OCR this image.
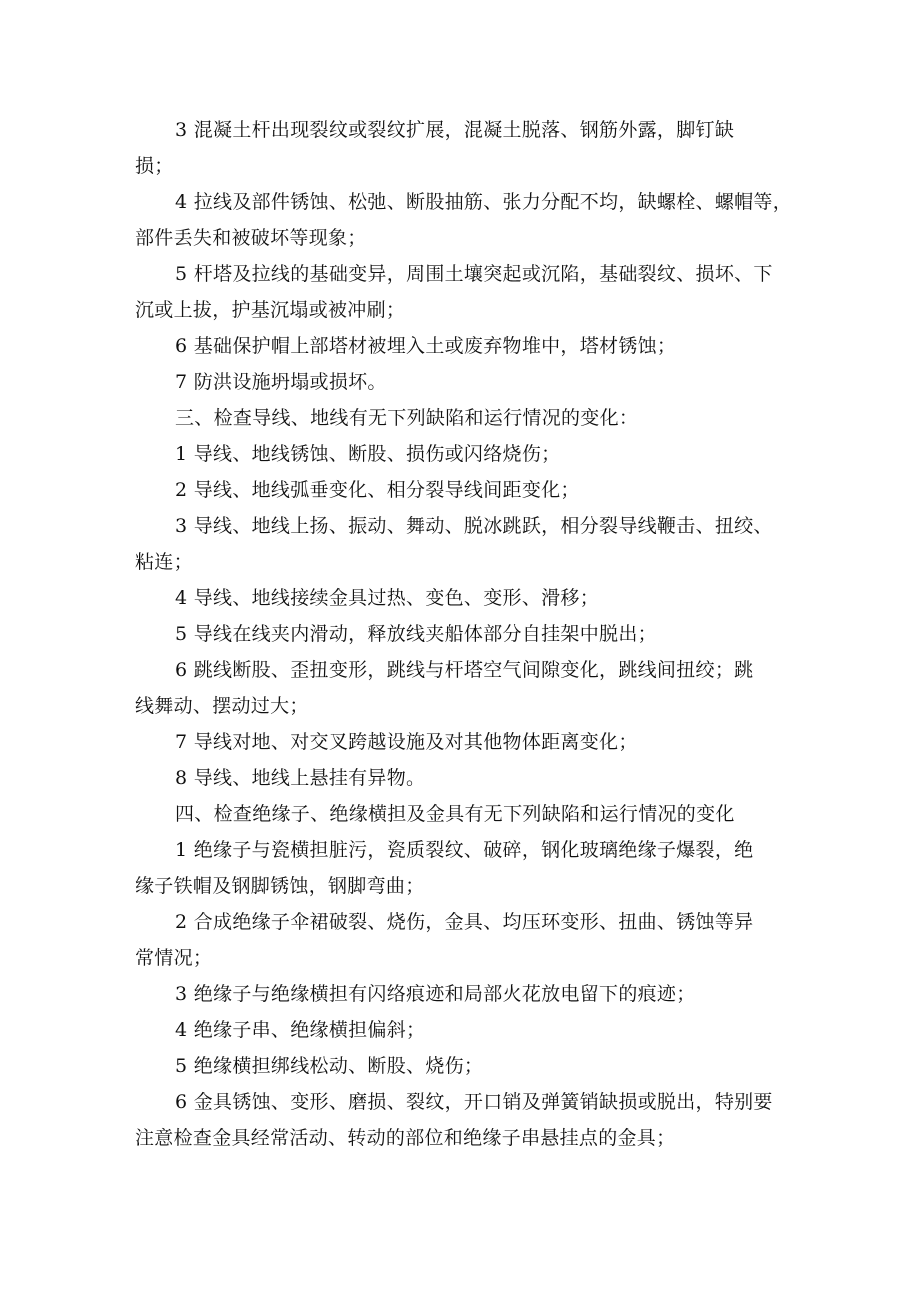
3 混凝土杆出现裂纹或裂纹扩展，混凝土脱落、钢筋外露，脚钉缺
损；

4 拉线及部件锈蚀、松弛、断股抽筋、张力分配不均，缺螺栓、螺帽等，
部件丢失和被破坏等现象；

5 杆塔及拉线的基础变异，周围土壤突起或沉陷，基础裂纹、损坏、下
沉或上拔，护基沉塌或被冲刷；

6 基础保护帽上部塔材被埋入土或废弃物堆中，塔材锈蚀；

7 防洪设施坍塌或损坏。

三、检查导线、地线有无下列缺陷和运行情况的变化：

1 导线、地线锈蚀、断股、损伤或闪络烧伤；

2 导线、地线弧垂变化、相分裂导线间距变化；

3 导线、地线上扬、振动、舞动、脱冰跳跃，相分裂导线鞭击、扭绞、
粘连；

4 导线、地线接续金具过热、变色、变形、滑移；

5 导线在线夹内滑动，释放线夹船体部分自挂架中脱出；

6 跳线断股、歪扭变形，跳线与杆塔空气间隙变化，跳线间扭绞；跳
线舞动、摆动过大；

7 导线对地、对交叉跨越设施及对其他物体距离变化；

8 导线、地线上悬挂有异物。

四、检查绝缘子、绝缘横担及金具有无下列缺陷和运行情况的变化

1 绝缘子与瓷横担脏污，瓷质裂纹、破碎，钢化玻璃绝缘子爆裂，绝
缘子铁帽及钢脚锈蚀，钢脚弯曲；

2 合成绝缘子伞裙破裂、烧伤，金具、均压环变形、扭曲、锈蚀等异
常情况；

3 绝缘子与绝缘横担有闪络痕迹和局部火花放电留下的痕迹；

4 绝缘子串、绝缘横担偏斜；

5 绝缘横担绑线松动、断股、烧伤；

6 金具锈蚀、变形、磨损、裂纹，开口销及弹簧销缺损或脱出，特别要
注意检查金具经常活动、转动的部位和绝缘子串悬挂点的金具；
